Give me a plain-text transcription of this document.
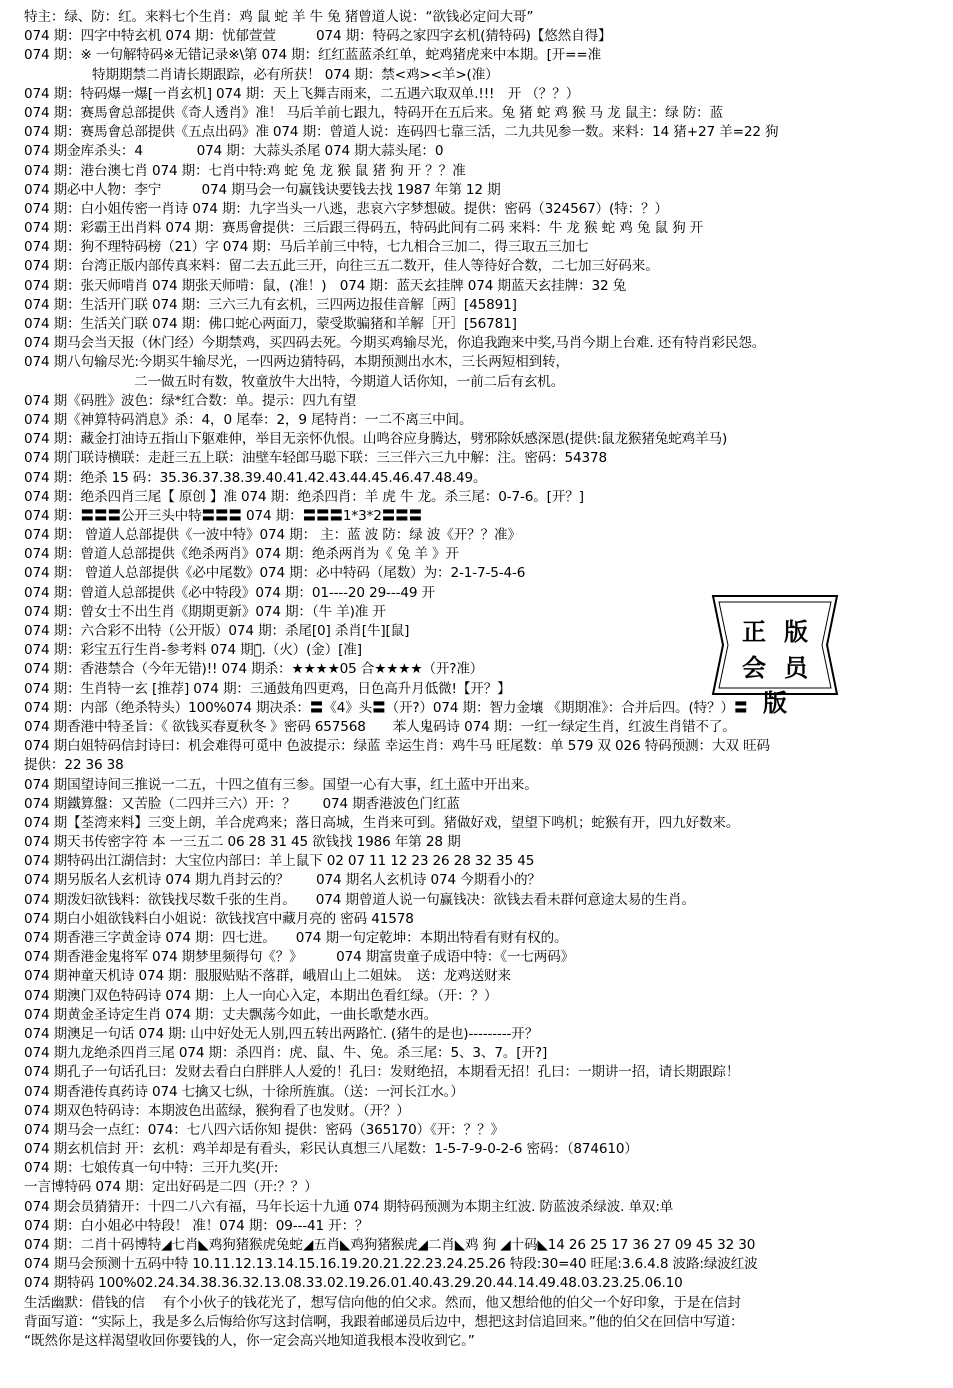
特主：绿、防：红。来料七个生肖：鸡 鼠 蛇 羊 牛 兔 猪曾道人说：“欲钱必定问大哥”
074 期：四字中特玄机 074 期：忧郁萱萱　　　074 期：特码之家四字玄机(猜特码)【悠然自得】
074 期：※ 一句解特码※无错记录※\第 074 期：红红蓝蓝杀红单，蛇鸡猪虎来中本期。[开==准
特期期禁二肖请长期跟踪，必有所获！ 074 期：禁<鸡><羊>(准）
074 期：特码爆一爆[一肖玄机] 074 期：天上飞舞吉雨来，二五遇六取双单.!!!　开 （？？）
074 期：赛馬會总部提供《奇人透肖》准！ 马后羊前七跟九，特码开在五后来。兔 猪 蛇 鸡 猴 马 龙 鼠主：绿 防：蓝
074 期：赛馬會总部提供《五点出码》准 074 期：曾道人说：连码四七靠三活，二九共见参一数。来料：14 猪+27 羊=22 狗
074 期金库杀头：4　　　　074 期：大蒜头杀尾 074 期大蒜头尾：0
074 期：港台澳七肖 074 期：七肖中特:鸡 蛇 兔 龙 猴 鼠 猪 狗 开 ？？准
074 期必中人物：李宁　　　074 期马会一句赢钱诀要钱去找 1987 年第 12 期
074 期：白小姐传密一肖诗 074 期：九字当头一八逃，悲哀六字梦想破。提供：密码（324567）(特：？）
074 期：彩霸王出肖料 074 期：赛馬會提供：三后跟三得码五，特码此间有二码 来料：牛 龙 猴 蛇 鸡 兔 鼠 狗 开
074 期：狗不理特码榜（21）字 074 期：马后羊前三中特，七九相合三加二，得三取五三加七
074 期：台湾正版内部传真来料：留二去五此三开，向往三五二数开，佳人等待好合数，二七加三好码来。
074 期：张天师啃肖 074 期张天师啃：鼠，(准！)　074 期：蓝天玄挂牌 074 期蓝天玄挂牌：32 兔
074 期：生活开门联 074 期：三六三九有玄机，三四两边报佳音解［两］[45891]
074 期：生活关门联 074 期：佛口蛇心两面刀，蒙受欺骗猪和羊解［开］[56781]
074 期马会当天报（休门经）今期禁鸡，买四码去死。今期买鸡输尽光，你追我跑来中奖,马肖今期上台难. 还有特肖彩民怨。
074 期八句输尽光:今期买牛输尽光，一四两边猜特码，本期预测出水木，三长两短相到转，
二一做五时有数，牧童放牛大出特，今期道人话你知，一前二后有玄机。
074 期《码胜》波色：绿*红合数：单。提示：四九有望
074 期《神算特码消息》杀：4，0 尾奉：2，9 尾特肖：一二不离三中间。
074 期：藏金打油诗五指山下躯难伸，举目无亲怀仇恨。山鸣谷应身腾达，劈邪除妖感深恩(提供:鼠龙猴猪兔蛇鸡羊马)
074 期门联诗横联：走赶三五上联：油壁车轻郎马聪下联：三三伴六三九中解：注。密码：54378
074 期：绝杀 15 码：35.36.37.38.39.40.41.42.43.44.45.46.47.48.49。
074 期：绝杀四肖三尾【 原创 】准 074 期：绝杀四肖：羊 虎 牛 龙。杀三尾：0-7-6。[开？]
074 期：〓〓〓公开三头中特〓〓〓 074 期：〓〓〓1*3*2〓〓〓
074 期： 曾道人总部提供《一波中特》074 期： 主：蓝 波 防：绿 波《开？？准》
074 期：曾道人总部提供《绝杀两肖》074 期：绝杀两肖为《 兔 羊 》开
074 期： 曾道人总部提供《必中尾数》074 期：必中特码（尾数）为：2-1-7-5-4-6
074 期：曾道人总部提供《必中特段》074 期：01----20 29---49 开
074 期：曾女士不出生肖《期期更新》074 期：（牛 羊)准 开
074 期：六合彩不出特（公开版）074 期：杀尾[0] 杀肖[牛][鼠]
074 期：彩宝五行生肖-参考料 074 期：̃.（火）(金）[准]
074 期：香港禁合（今年无错)!! 074 期杀：★★★★05 合★★★★（开?准）
074 期：生肖特一玄 [推荐] 074 期：三通鼓角四更鸡，日色高升月低微!【开？】
074 期：内部（绝杀特头）100%074 期决杀：〓《4》头〓（开?）074 期：智力金壤 《期期准》：合并后四。(特？）〓
074 期香港中特圣旨：《 欲钱买春夏秋冬 》密码 657568　　苯人鬼码诗 074 期：一红一绿定生肖，红波生肖错不了。
074 期白姐特码信封诗曰：机会难得可觅中 色波提示：绿蓝 幸运生肖：鸡牛马 旺尾数：单 579 双 026 特码预测：大双 旺码
提供：22 36 38
074 期国望诗间三推说一二五，十四之值有三参。国望一心有大事，红土蓝中开出来。
074 期鐵算盤：又苦脸（二四并三六）开：？　　074 期香港波色门红蓝
074 期【荃湾来料】三变上朗，羊合虎鸡来；落日高城，生肖来可到。猪做好戏，望望下鸣机；蛇猴有开，四九好数来。
074 期天书传密字符 本 一三五二 06 28 31 45 欲钱找 1986 年第 28 期
074 期特码出江湖信封：大宝位内部曰：羊上鼠下 02 07 11 12 23 26 28 32 35 45
074 期另版名人玄机诗 074 期九肖封云的？　　074 期名人玄机诗 074 今期看小的？
074 期泼妇欲钱料：欲钱找尽数千张的生肖。　　074 期曾道人说一句赢钱决：欲钱去看未群何意途太易的生肖。
074 期白小姐欲钱料白小姐说：欲钱找宫中藏月亮的 密码 41578
074 期香港三字黄金诗 074 期：四七进。　　074 期一句定乾坤：本期出特看有财有权的。
074 期香港金鬼将军 074 期梦里频得句《？》　　　074 期富贵童子成语中特：《一七两码》
074 期神童天机诗 074 期：服服贴贴不落群，峨眉山上二姐妹。　送：龙鸡送财来
074 期澳门双色特码诗 074 期：上人一向心入定，本期出色看红绿。（开：？）
074 期黄金圣诗定生肖 074 期：丈夫飘荡今如此，一曲长歌楚水西。
074 期澳足一句话 074 期: 山中好处无人别,四五转出两路忙. (猪牛的是也)---------开？
074 期九龙绝杀四肖三尾 074 期：杀四肖：虎、鼠、牛、兔。杀三尾：5、3、7。[开?]
074 期孔子一句话孔曰：发财去看白白胖胖人人爱的！孔曰：发财绝招，本期看无招！孔曰：一期讲一招，请长期跟踪！
074 期香港传真药诗 074 七擒又七纵，十徐所旌旗。（送：一河长江水。）
074 期双色特码诗：本期波色出蓝绿，猴狗看了也发财。（开？）
074 期马会一点红：074：七八四六话你知 提供：密码（365170）《开：？？》
074 期玄机信封 开：玄机：鸡羊却是有看头，彩民认真想三八尾数：1-5-7-9-0-2-6 密码：（874610）
074 期：七娘传真一句中特：三开九奖(开:
一言博特码 074 期：定出好码是二四（开:？？）
074 期会员猜猜开：十四二八六有福，马年长运十九通 074 期特码预测为本期主红波. 防蓝波杀绿波. 单双:单
074 期：白小姐必中特段！ 准！074 期：09---41 开：？
074 期：二肖十码博特◢七肖◣鸡狗猪猴虎兔蛇◢五肖◣鸡狗猪猴虎◢二肖◣鸡 狗 ◢十码◣14 26 25 17 36 27 09 45 32 30
074 期马会预测十五码中特 10.11.12.13.14.15.16.19.20.21.22.23.24.25.26 特段:30=40 旺尾:3.6.4.8 波路:绿波红波
074 期特码 100%02.24.34.38.36.32.13.08.33.02.19.26.01.40.43.29.20.44.14.49.48.03.23.25.06.10
生活幽默：借钱的信　 有个小伙子的钱花光了，想写信向他的伯父求。然而，他又想给他的伯父一个好印象，于是在信封
背面写道：“实际上，我是多么后悔给你写这封信啊，我跟着邮递员后边中，想把这封信追回来。”他的伯父在回信中写道：
“既然你是这样渴望收回你要钱的人，你一定会高兴地知道我根本没收到它。”
正版
会员版
